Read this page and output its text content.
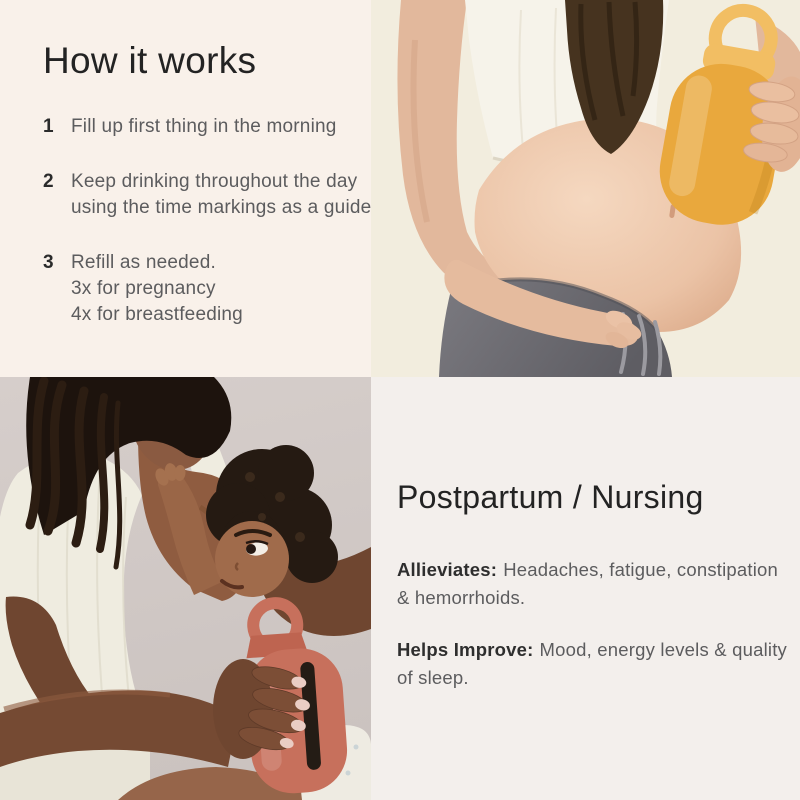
How it works
1 Fill up first thing in the morning
2 Keep drinking throughout the day
using the time markings as a guide
3 Refill as needed.
3x for pregnancy
4x for breastfeeding
Postpartum / Nursing

Allieviates: Headaches, fatigue, constipation
& hemorrhoids.

Helps Improve: Mood, energy levels & quality
of sleep.
